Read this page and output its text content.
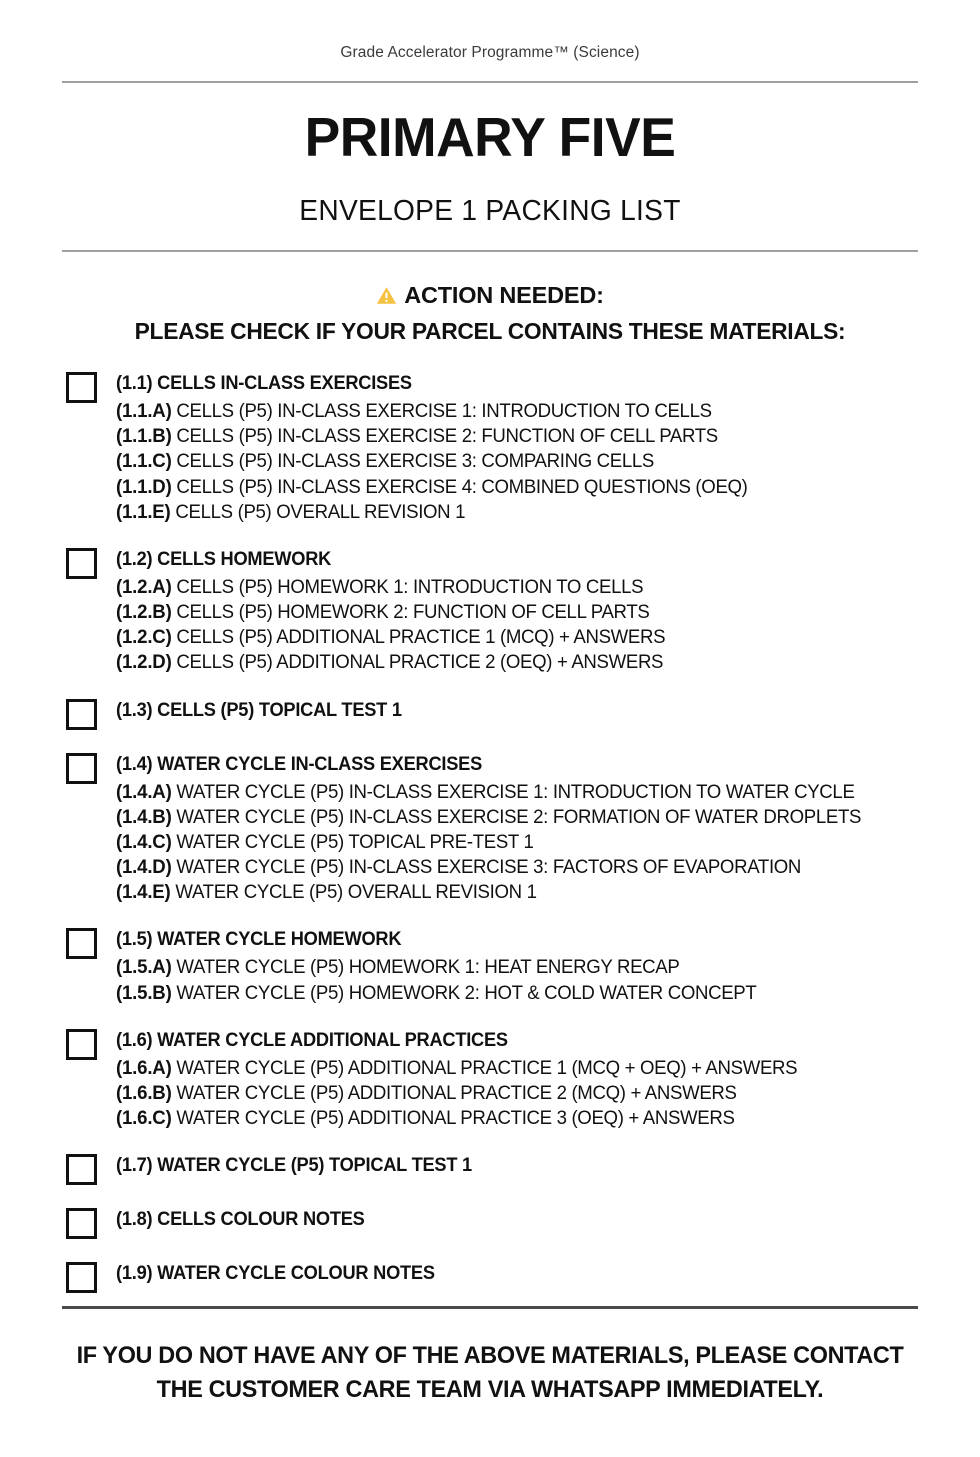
Grade Accelerator Programme™ (Science)
PRIMARY FIVE
ENVELOPE 1 PACKING LIST
ACTION NEEDED:
PLEASE CHECK IF YOUR PARCEL CONTAINS THESE MATERIALS:
(1.1) CELLS IN-CLASS EXERCISES
(1.1.A) CELLS (P5) IN-CLASS EXERCISE 1: INTRODUCTION TO CELLS
(1.1.B) CELLS (P5) IN-CLASS EXERCISE 2: FUNCTION OF CELL PARTS
(1.1.C) CELLS (P5) IN-CLASS EXERCISE 3: COMPARING CELLS
(1.1.D) CELLS (P5) IN-CLASS EXERCISE 4: COMBINED QUESTIONS (OEQ)
(1.1.E) CELLS (P5) OVERALL REVISION 1
(1.2) CELLS HOMEWORK
(1.2.A) CELLS (P5) HOMEWORK 1: INTRODUCTION TO CELLS
(1.2.B) CELLS (P5) HOMEWORK 2: FUNCTION OF CELL PARTS
(1.2.C) CELLS (P5) ADDITIONAL PRACTICE 1 (MCQ) + ANSWERS
(1.2.D) CELLS (P5) ADDITIONAL PRACTICE 2 (OEQ) + ANSWERS
(1.3) CELLS (P5) TOPICAL TEST 1
(1.4) WATER CYCLE IN-CLASS EXERCISES
(1.4.A) WATER CYCLE (P5) IN-CLASS EXERCISE 1: INTRODUCTION TO WATER CYCLE
(1.4.B) WATER CYCLE (P5) IN-CLASS EXERCISE 2: FORMATION OF WATER DROPLETS
(1.4.C) WATER CYCLE (P5) TOPICAL PRE-TEST 1
(1.4.D) WATER CYCLE (P5) IN-CLASS EXERCISE 3: FACTORS OF EVAPORATION
(1.4.E) WATER CYCLE (P5) OVERALL REVISION 1
(1.5) WATER CYCLE HOMEWORK
(1.5.A) WATER CYCLE (P5) HOMEWORK 1: HEAT ENERGY RECAP
(1.5.B) WATER CYCLE (P5) HOMEWORK 2: HOT & COLD WATER CONCEPT
(1.6) WATER CYCLE ADDITIONAL PRACTICES
(1.6.A) WATER CYCLE (P5) ADDITIONAL PRACTICE 1 (MCQ + OEQ) + ANSWERS
(1.6.B) WATER CYCLE (P5) ADDITIONAL PRACTICE 2 (MCQ) + ANSWERS
(1.6.C) WATER CYCLE (P5) ADDITIONAL PRACTICE 3 (OEQ) + ANSWERS
(1.7) WATER CYCLE (P5) TOPICAL TEST 1
(1.8) CELLS COLOUR NOTES
(1.9) WATER CYCLE COLOUR NOTES
IF YOU DO NOT HAVE ANY OF THE ABOVE MATERIALS, PLEASE CONTACT THE CUSTOMER CARE TEAM VIA WHATSAPP IMMEDIATELY.
